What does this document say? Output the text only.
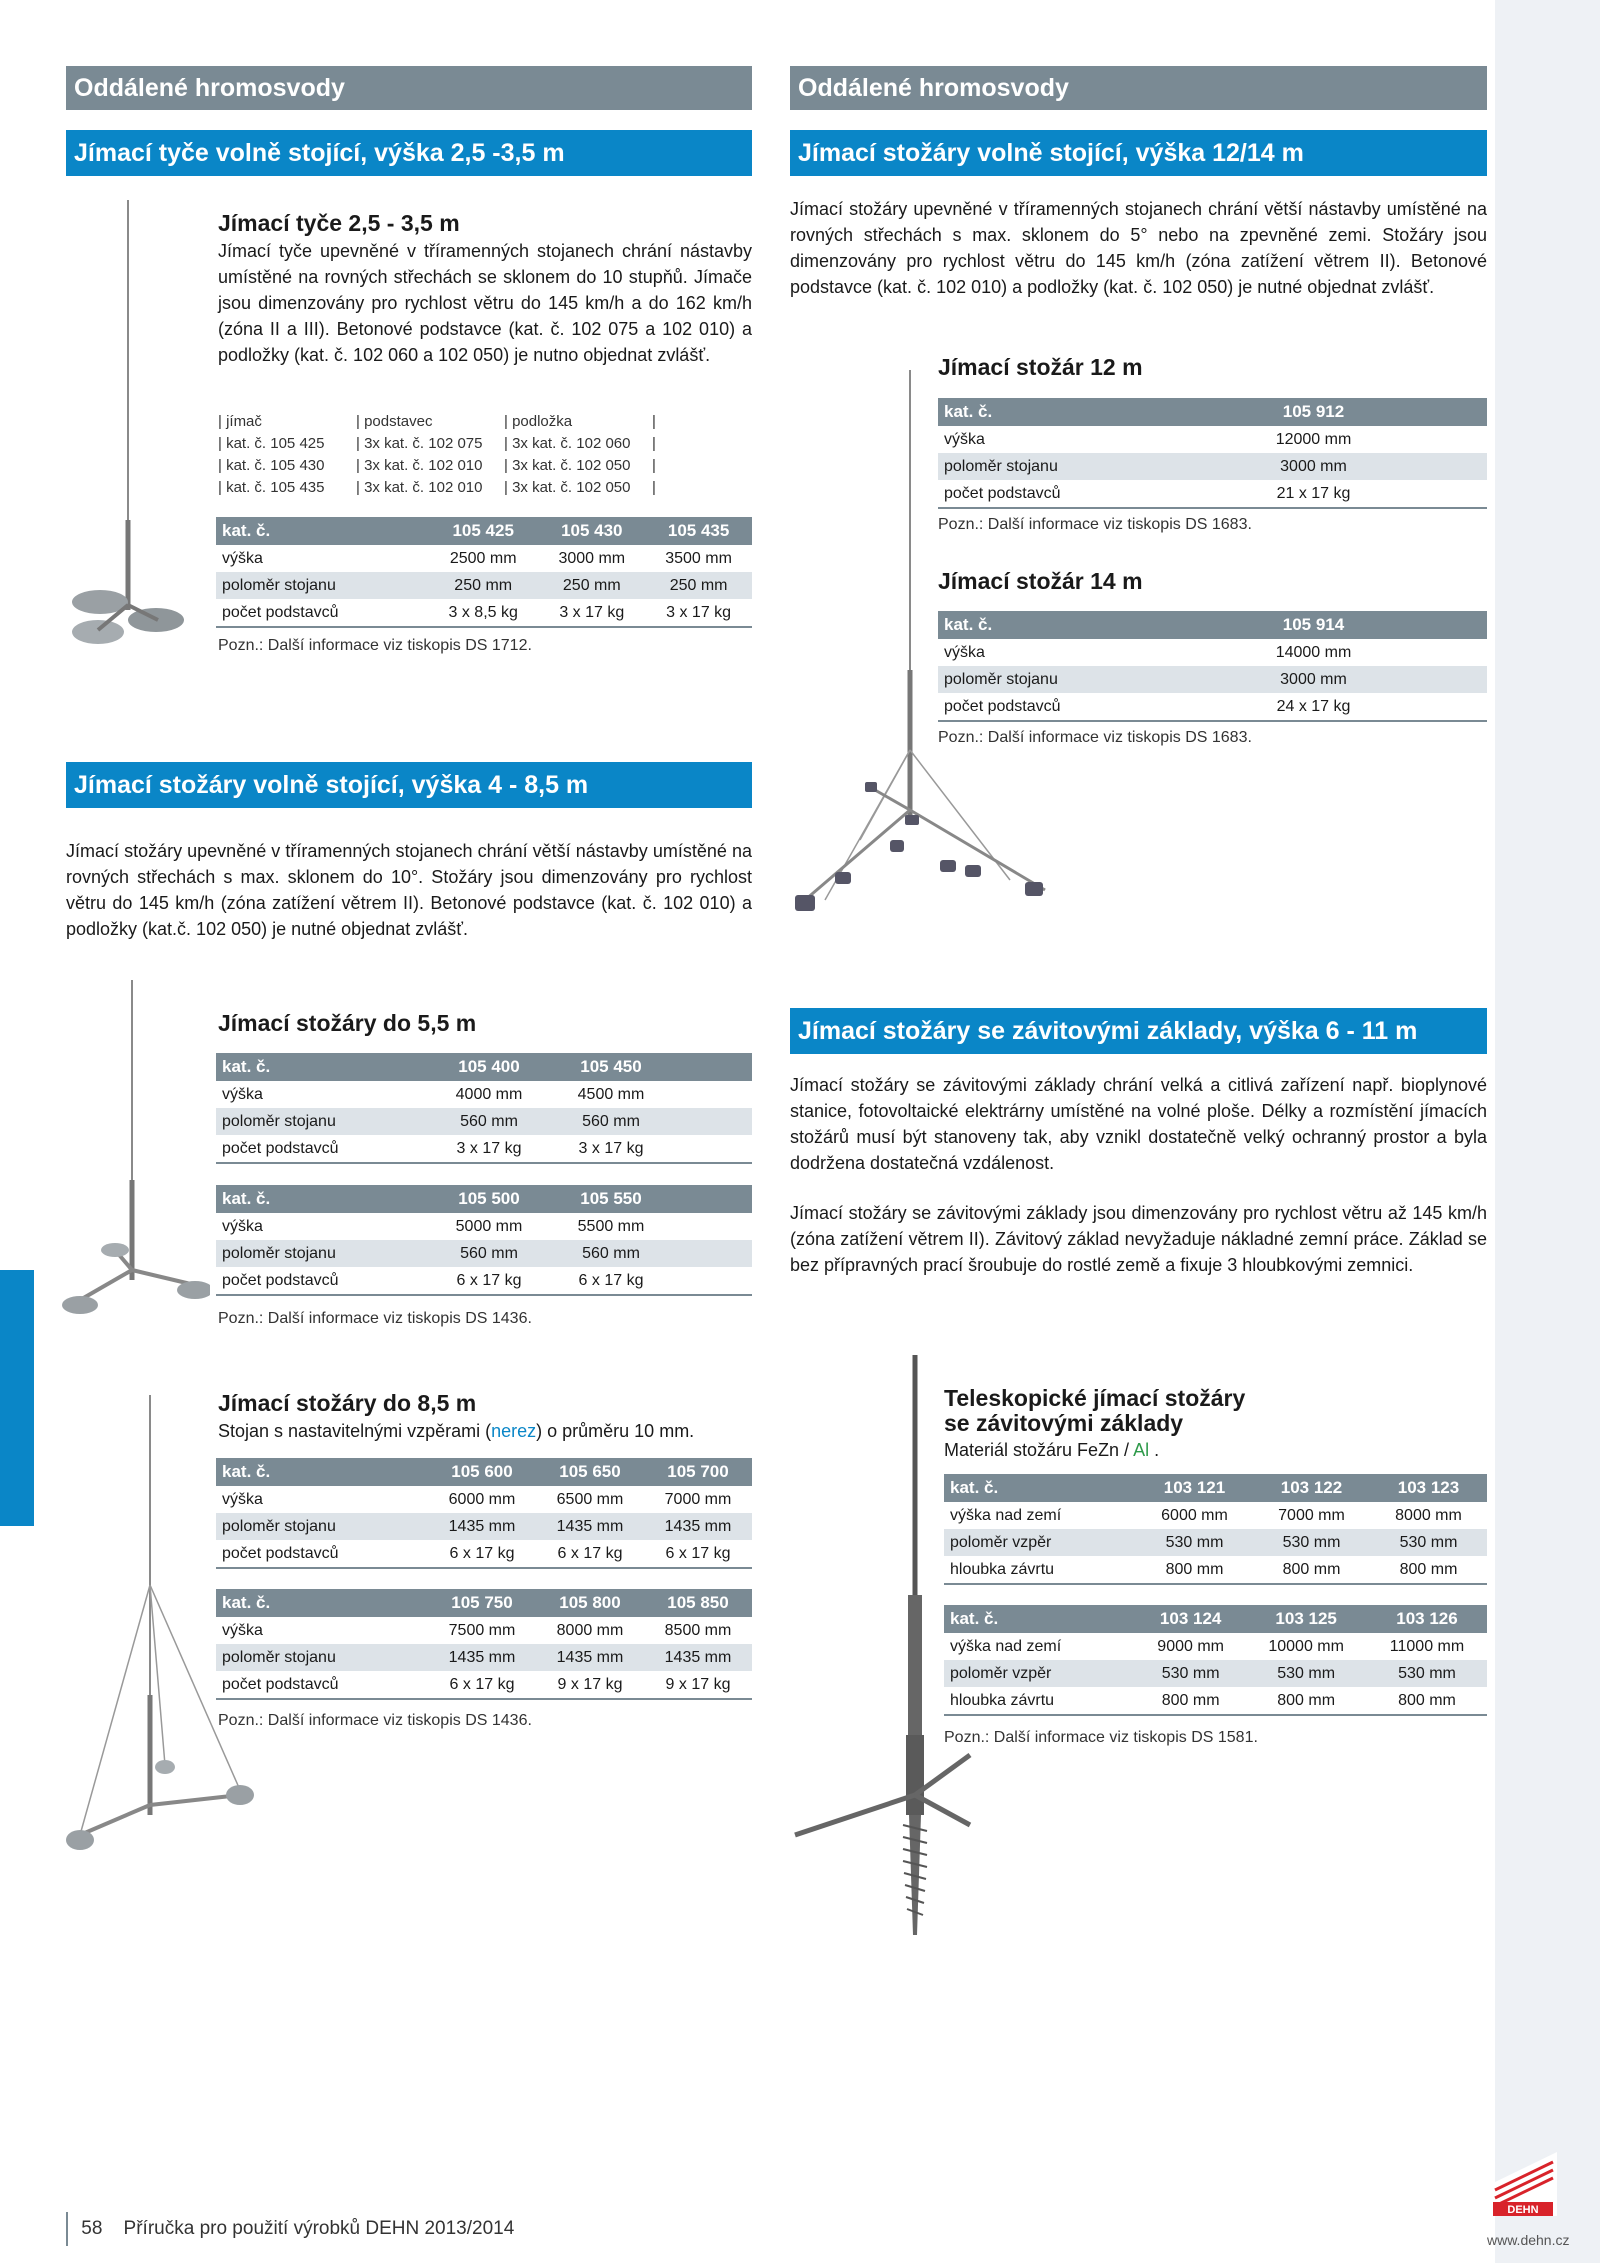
Oddálené hromosvody
Jímací tyče volně stojící, výška 2,5 -3,5 m
Oddálené hromosvody
Jímací stožáry volně stojící, výška 12/14 m
Jímací tyče 2,5 - 3,5 m
Jímací tyče upevněné v tříramenných stojanech chrání nástavby umístěné na rovných střechách se sklonem do 10 stupňů. Jímače jsou dimenzovány pro rychlost větru do 145 km/h a do 162 km/h (zóna II a III). Betonové podstavce (kat. č. 102 075 a 102 010) a podložky (kat. č. 102 060 a 102 050) je nutno objednat zvlášť.
| jímač	| podstavec	| podložka	|
| kat. č. 105 425	| 3x kat. č. 102 075	| 3x kat. č. 102 060	|
| kat. č. 105 430	| 3x kat. č. 102 010	| 3x kat. č. 102 050	|
| kat. č. 105 435	| 3x kat. č. 102 010	| 3x kat. č. 102 050	|
kat. č.	105 425	105 430	105 435
výška	2500 mm	3000 mm	3500 mm
poloměr stojanu	250 mm	250 mm	250 mm
počet podstavců	3 x 8,5 kg	3 x 17 kg	3 x 17 kg
Pozn.: Další informace viz tiskopis DS 1712.
Jímací stožáry volně stojící, výška 4 - 8,5 m
Jímací stožáry upevněné v tříramenných stojanech chrání větší nástavby umístěné na rovných střechách s max. sklonem do 10°. Stožáry jsou dimenzovány pro rychlost větru do 145 km/h (zóna zatížení větrem II). Betonové podstavce (kat. č. 102 010) a podložky (kat.č. 102 050) je nutné objednat zvlášť.
Jímací stožáry do 5,5 m
kat. č.	105 400	105 450	
výška	4000 mm	4500 mm	
poloměr stojanu	560 mm	560 mm	
počet podstavců	3 x 17 kg	3 x 17 kg	
kat. č.	105 500	105 550	
výška	5000 mm	5500 mm	
poloměr stojanu	560 mm	560 mm	
počet podstavců	6 x 17 kg	6 x 17 kg	
Pozn.: Další informace viz tiskopis DS 1436.
Jímací stožáry do 8,5 m
Stojan s nastavitelnými vzpěrami (nerez) o průměru 10 mm.
kat. č.	105 600	105 650	105 700
výška	6000 mm	6500 mm	7000 mm
poloměr stojanu	1435 mm	1435 mm	1435 mm
počet podstavců	6 x 17 kg	6 x 17 kg	6 x 17 kg
kat. č.	105 750	105 800	105 850
výška	7500 mm	8000 mm	8500 mm
poloměr stojanu	1435 mm	1435 mm	1435 mm
počet podstavců	6 x 17 kg	9 x 17 kg	9 x 17 kg
Pozn.: Další informace viz tiskopis DS 1436.
Jímací stožáry upevněné v tříramenných stojanech chrání větší nástavby umístěné na rovných střechách s max. sklonem do 5° nebo na zpevněné zemi. Stožáry jsou dimenzovány pro rychlost větru do 145 km/h (zóna zatížení větrem II). Betonové podstavce (kat. č. 102 010) a podložky (kat. č. 102 050) je nutné objednat zvlášť.
Jímací stožár 12 m
kat. č.	105 912
výška	12000 mm
poloměr stojanu	3000 mm
počet podstavců	21 x 17 kg
Pozn.: Další informace viz tiskopis DS 1683.
Jímací stožár 14 m
kat. č.	105 914
výška	14000 mm
poloměr stojanu	3000 mm
počet podstavců	24 x 17 kg
Pozn.: Další informace viz tiskopis DS 1683.
Jímací stožáry se závitovými základy, výška 6 - 11 m
Jímací stožáry se závitovými základy chrání velká a citlivá zařízení např. bioplynové stanice, fotovoltaické elektrárny umístěné na volné ploše. Délky a rozmístění jímacích stožárů musí být stanoveny tak, aby vznikl dostatečně velký ochranný prostor a byla dodržena dostatečná vzdálenost.
Jímací stožáry se závitovými základy jsou dimenzovány pro rychlost větru až 145 km/h (zóna zatížení větrem II). Závitový základ nevyžaduje nákladné zemní práce. Základ se bez přípravných prací šroubuje do rostlé země a fixuje 3 hloubkovými zemnici.
Teleskopické jímací stožáry
se závitovými základy
Materiál stožáru FeZn / Al .
kat. č.	103 121	103 122	103 123
výška nad zemí	6000 mm	7000 mm	8000 mm
poloměr vzpěr	530 mm	530 mm	530 mm
hloubka závrtu	800 mm	800 mm	800 mm
kat. č.	103 124	103 125	103 126
výška nad zemí	9000 mm	10000 mm	11000 mm
poloměr vzpěr	530 mm	530 mm	530 mm
hloubka závrtu	800 mm	800 mm	800 mm
Pozn.: Další informace viz tiskopis DS 1581.
58 Příručka pro použití výrobků DEHN 2013/2014
DEHN
www.dehn.cz
